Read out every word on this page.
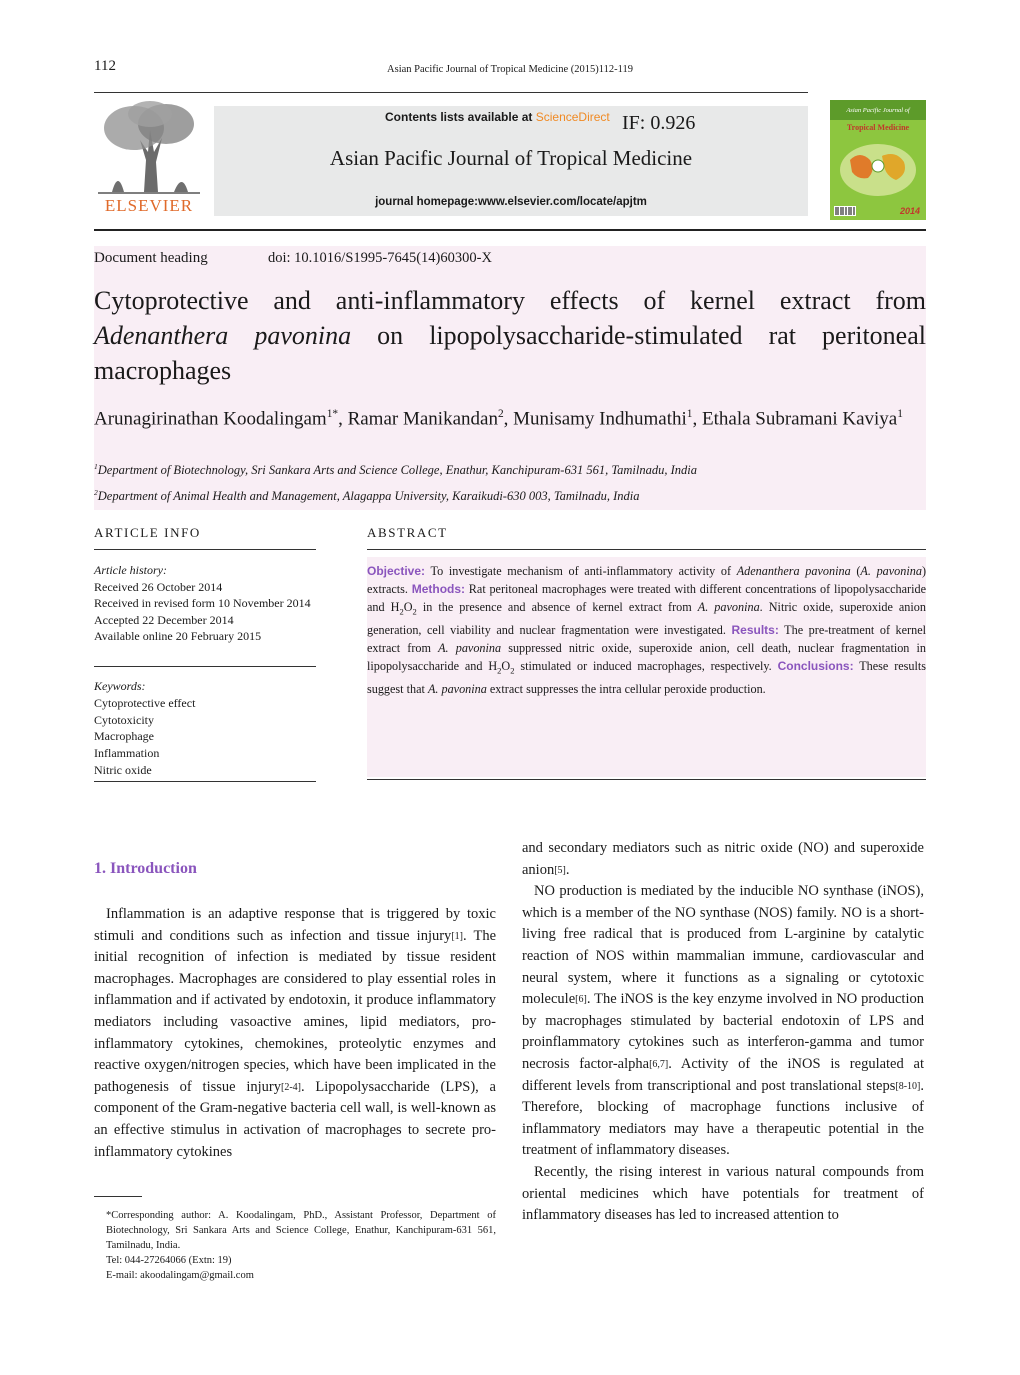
112	Asian Pacific Journal of Tropical Medicine (2015)112-119
ELSEVIER
Contents lists available at ScienceDirect IF: 0.926
Asian Pacific Journal of Tropical Medicine
journal homepage:www.elsevier.com/locate/apjtm
Asian Pacific Journal of
Tropical Medicine
2014
Document heading	doi: 10.1016/S1995-7645(14)60300-X
Cytoprotective and anti-inflammatory effects of kernel extract from Adenanthera pavonina on lipopolysaccharide-stimulated rat peritoneal macrophages
Arunagirinathan Koodalingam$^{1*}$, Ramar Manikandan$^2$, Munisamy Indhumathi$^1$, Ethala Subramani Kaviya$^1$
$^1$Department of Biotechnology, Sri Sankara Arts and Science College, Enathur, Kanchipuram-631 561, Tamilnadu, India
$^2$Department of Animal Health and Management, Alagappa University, Karaikudi-630 003, Tamilnadu, India
ARTICLE INFO
Article history:
Received 26 October 2014
Received in revised form 10 November 2014
Accepted 22 December 2014
Available online 20 February 2015
Keywords:
Cytoprotective effect
Cytotoxicity
Macrophage
Inflammation
Nitric oxide
ABSTRACT
Objective: To investigate mechanism of anti-inflammatory activity of Adenanthera pavonina (A. pavonina) extracts. Methods: Rat peritoneal macrophages were treated with different concentrations of lipopolysaccharide and $H_2O_2$ in the presence and absence of kernel extract from A. pavonina. Nitric oxide, superoxide anion generation, cell viability and nuclear fragmentation were investigated. Results: The pre-treatment of kernel extract from A. pavonina suppressed nitric oxide, superoxide anion, cell death, nuclear fragmentation in lipopolysaccharide and $H_2O_2$ stimulated or induced macrophages, respectively. Conclusions: These results suggest that A. pavonina extract suppresses the intra cellular peroxide production.
1. Introduction

Inflammation is an adaptive response that is triggered by toxic stimuli and conditions such as infection and tissue injury[1]. The initial recognition of infection is mediated by tissue resident macrophages. Macrophages are considered to play essential roles in inflammation and if activated by endotoxin, it produce inflammatory mediators including vasoactive amines, lipid mediators, pro-inflammatory cytokines, chemokines, proteolytic enzymes and reactive oxygen/nitrogen species, which have been implicated in the pathogenesis of tissue injury[2-4]. Lipopolysaccharide (LPS), a component of the Gram-negative bacteria cell wall, is well-known as an effective stimulus in activation of macrophages to secrete pro-inflammatory cytokines

and secondary mediators such as nitric oxide (NO) and superoxide anion[5].

NO production is mediated by the inducible NO synthase (iNOS), which is a member of the NO synthase (NOS) family. NO is a short-living free radical that is produced from L-arginine by catalytic reaction of NOS within mammalian immune, cardiovascular and neural system, where it functions as a signaling or cytotoxic molecule[6]. The iNOS is the key enzyme involved in NO production by macrophages stimulated by bacterial endotoxin of LPS and proinflammatory cytokines such as interferon-gamma and tumor necrosis factor-alpha[6,7]. Activity of the iNOS is regulated at different levels from transcriptional and post translational steps[8-10]. Therefore, blocking of macrophage functions inclusive of inflammatory mediators may have a therapeutic potential in the treatment of inflammatory diseases.

Recently, the rising interest in various natural compounds from oriental medicines which have potentials for treatment of inflammatory diseases has led to increased attention to

*Corresponding author: A. Koodalingam, PhD., Assistant Professor, Department of Biotechnology, Sri Sankara Arts and Science College, Enathur, Kanchipuram-631 561, Tamilnadu, India.
Tel: 044-27264066 (Extn: 19)
E-mail: akoodalingam@gmail.com
